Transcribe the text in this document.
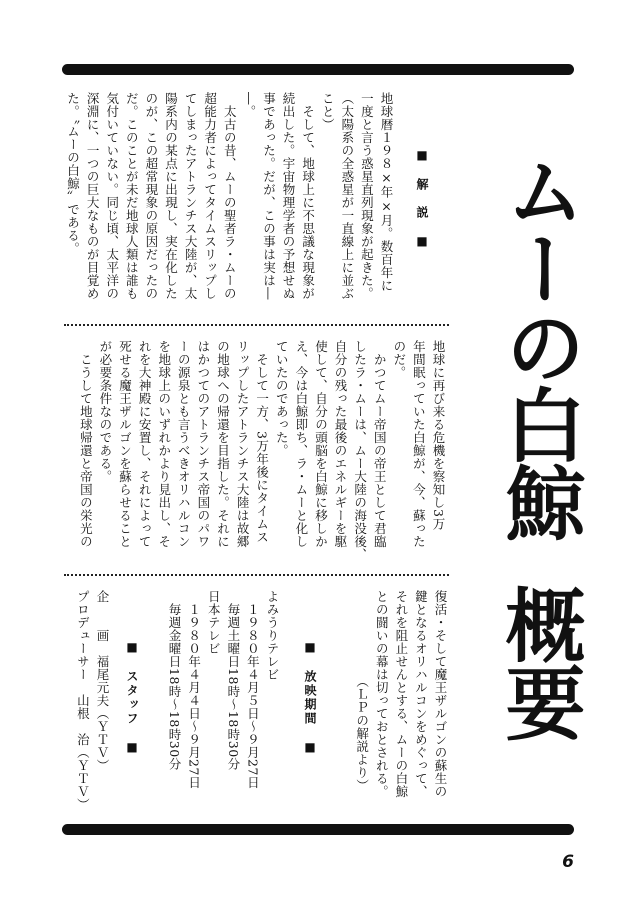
ムーの白鯨概要
■　解　説　■
地球暦１９８×年×月。数百年に
一度と言う惑星直列現象が起きた。
（太陽系の全惑星が一直線上に並ぶ
こと）
　そして、地球上に不思議な現象が
続出した。宇宙物理学者の予想せぬ
事であった。だが、この事は実は―
―。
　太古の昔、ムーの聖者ラ・ムーの
超能力者によってタイムスリップし
てしまったアトランチス大陸が、太
陽系内の某点に出現し、実在化した
のが、この超常現象の原因だったの
だ。このことが未だ地球人類は誰も
気付いていない。同じ頃、太平洋の
深淵に、一つの巨大なものが目覚め
た。〝ムーの白鯨〟である。
地球に再び来る危機を察知し3万
年間眠っていた白鯨が、今、蘇った
のだ。
　かつてムー帝国の帝王として君臨
したラ・ムーは、ムー大陸の海没後、
自分の残った最後のエネルギーを駆
使して、自分の頭脳を白鯨に移しか
え、今は白鯨即ち、ラ・ムーと化し
ていたのであった。
　そして一方、3万年後にタイムス
リップしたアトランチス大陸は故郷
の地球への帰還を目指した。それに
はかつてのアトランチス帝国のパワ
ーの源泉とも言うべきオリハルコン
を地球上のいずれかより見出し、そ
れを大神殿に安置し、それによって
死せる魔王ザルゴンを蘇らせること
が必要条件なのである。
　こうして地球帰還と帝国の栄光の
復活・そして魔王ザルゴンの蘇生の
鍵となるオリハルコンをめぐって、
それを阻止せんとする、ムーの白鯨
との闘いの幕は切っておとされる。
　　　　　　　（ＬＰの解説より）
■　放映期間　■
よみうりテレビ
　１９８０年４月５日～９月27日
　毎週土曜日18時～18時30分
日本テレビ
　１９８０年４月４日～９月27日
　毎週金曜日18時～18時30分
■　スタッフ　■
企　　画　福尾元夫（ＹＴＶ）
プロデューサー　山根　治（ＹＴＶ）
6
